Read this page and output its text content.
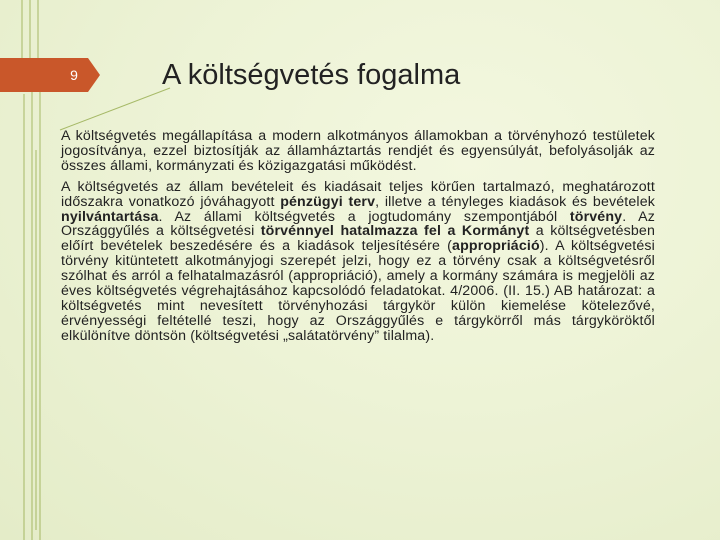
9	A költségvetés fogalma

A költségvetés megállapítása a modern alkotmányos államokban a törvényhozó testületek jogosítványa, ezzel biztosítják az államháztartás rendjét és egyensúlyát, befolyásolják az összes állami, kormányzati és közigazgatási működést.

A költségvetés az állam bevételeit és kiadásait teljes körűen tartalmazó, meghatározott időszakra vonatkozó jóváhagyott pénzügyi terv, illetve a tényleges kiadások és bevételek nyilvántartása. Az állami költségvetés a jogtudomány szempontjából törvény. Az Országgyűlés a költségvetési törvénnyel hatalmazza fel a Kormányt a költségvetésben előírt bevételek beszedésére és a kiadások teljesítésére (appropriáció). A költségvetési törvény kitüntetett alkotmányjogi szerepét jelzi, hogy ez a törvény csak a költségvetésről szólhat és arról a felhatalmazásról (appropriáció), amely a kormány számára is megjelöli az éves költségvetés végrehajtásához kapcsolódó feladatokat. 4/2006. (II. 15.) AB határozat: a költségvetés mint nevesített törvényhozási tárgykör külön kiemelése kötelezővé, érvényességi feltétellé teszi, hogy az Országgyűlés e tárgykörről más tárgyköröktől elkülönítve döntsön (költségvetési „salátatörvény” tilalma).
